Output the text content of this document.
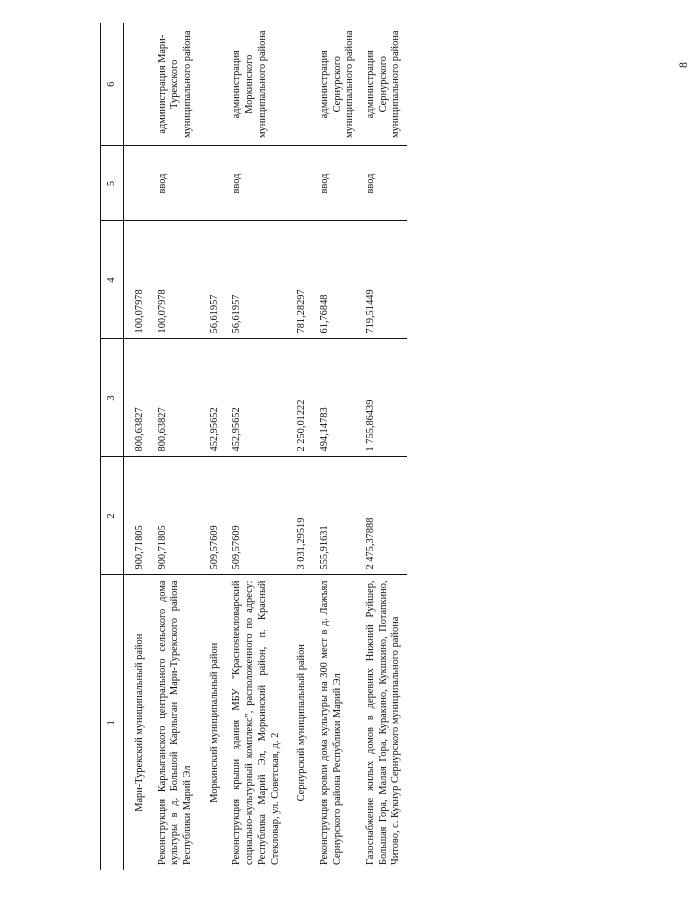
8
1	2	3	4	5	6
Мари-Турекский муниципальный район	900,71805	800,63827	100,07978		
Реконструкция Карлыганского центрального сельского дома культуры в д. Большой Карлыган Мари-Турекского района Республики Марий Эл	900,71805	800,63827	100,07978	ввод	администрация Мари-Турекского муниципального района
Моркинский муниципальный район	509,57609	452,95652	56,61957		
Реконструкция крыши здания МБУ "Краснostекловарский социально-культурный комплекс", расположенного по адресу: Республика Марий Эл, Моркинский район, п. Красный Стекловар, ул. Советская, д. 2	509,57609	452,95652	56,61957	ввод	администрация Моркинского муниципального района
Сернурский муниципальный район	3 031,29519	2 250,01222	781,28297		
Реконструкция кровли дома культуры на 300 мест в д. Лажъял Сернурского района Республики Марий Эл	555,91631	494,14783	61,76848	ввод	администрация Сернурского муниципального района
Газоснабжение жилых домов в деревнях Нижний Руйшер, Большая Гора, Малая Гора, Куракино, Кукшкино, Потапкино, Читово, с. Кукнур Сернурского муниципального района	2 475,37888	1 755,86439	719,51449	ввод	администрация Сернурского муниципального района
